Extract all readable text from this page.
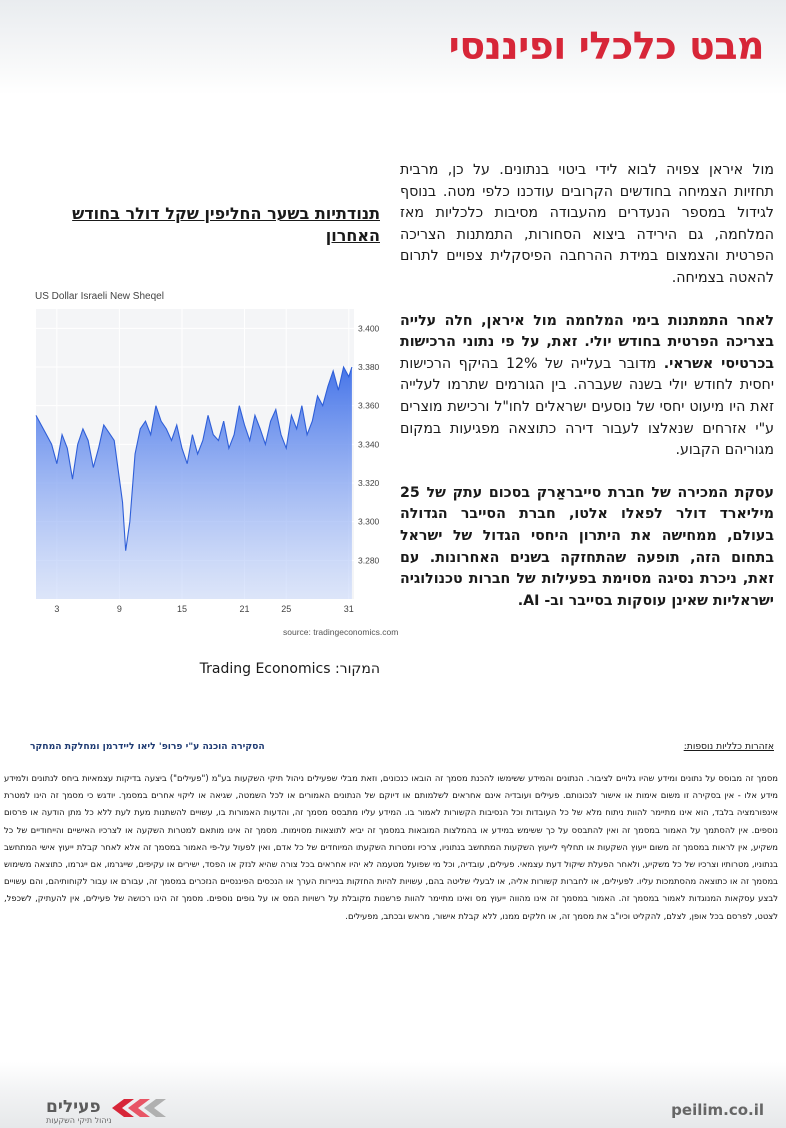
מבט כלכלי ופיננסי

מול איראן צפויה לבוא לידי ביטוי בנתונים. על כן, מרבית תחזיות הצמיחה בחודשים הקרובים עודכנו כלפי מטה. בנוסף לגידול במספר הנעדרים מהעבודה מסיבות כלכליות מאז המלחמה, גם הירידה ביצוא הסחורות, התמתנות הצריכה הפרטית והצמצום במידת ההרחבה הפיסקלית צפויים לתרום להאטה בצמיחה.

לאחר התמתנות בימי המלחמה מול איראן, חלה עלייה בצריכה הפרטית בחודש יולי. זאת, על פי נתוני הרכישות בכרטיסי אשראי. מדובר בעלייה של 12% בהיקף הרכישות יחסית לחודש יולי בשנה שעברה. בין הגורמים שתרמו לעלייה זאת היו מיעוט יחסי של נוסעים ישראלים לחו"ל ורכישת מוצרים ע"י אזרחים שנאלצו לעבור דירה כתוצאה מפגיעות במקום מגוריהם הקבוע.

עסקת המכירה של חברת סייבראַרק בסכום עתק של 25 מיליארד דולר לפאלו אלטו, חברת הסייבר הגדולה בעולם, ממחישה את היתרון היחסי הגדול של ישראל בתחום הזה, תופעה שהתחזקה בשנים האחרונות. עם זאת, ניכרת נסיגה מסוימת בפעילות של חברות טכנולוגיה ישראליות שאינן עוסקות בסייבר וב- AI.

תנודתיות בשער החליפין שקל דולר בחודש האחרון
US Dollar Israeli New Sheqel
3.280
3.300
3.320
3.340
3.360
3.380
3.400
3	9	15	21	25	31
source: tradingeconomics.com
המקור: Trading Economics
הסקירה הוכנה ע"י פרופ' ליאו ליידרמן ומחלקת המחקר	אזהרות כלליות נוספות:
מסמך זה מבוסס על נתונים ומידע שהיו גלויים לציבור. הנתונים והמידע ששימשו להכנת מסמך זה הובאו כנכונים, וזאת מבלי שפעילים ניהול תיקי השקעות בע"מ ("פעילים") ביצעה בדיקות עצמאיות ביחס לנתונים ולמידע מידע אלו - אין בסקירה זו משום אימות או אישור לנכונותם. פעילים ועובדיה אינם אחראים לשלמותם או דיוקם של הנתונים האמורים או לכל השמטה, שגיאה או ליקוי אחרים במסמך. יודגש כי מסמך זה הינו למטרת אינפורמציה בלבד, הוא אינו מתיימר להוות ניתוח מלא של כל העובדות וכל הנסיבות הקשורות לאמור בו. המידע עליו מתבסס מסמך זה, והדעות האמורות בו, עשויים להשתנות מעת לעת ללא כל מתן הודעה או פרסום נוספים. אין להסתמך על האמור במסמך זה ואין להתבסס על כך ששימש במידע או בהמלצות המובאות במסמך זה יביא לתוצאות מסוימות. מסמך זה אינו מותאם למטרות השקעה או לצרכיו האישיים והייחודיים של כל משקיע, אין לראות במסמך זה משום ייעוץ השקעות או תחליף לייעוץ השקעות המתחשב בנתוניו, צרכיו ומטרות השקעתו המיוחדים של כל אדם, ואין לפעול על-פי האמור במסמך זה אלא לאחר קבלת ייעוץ אישי המתחשב בנתוניו, מטרותיו וצרכיו של כל משקיע, ולאחר הפעלת שיקול דעת עצמאי. פעילים, עובדיה, וכל מי שפועל מטעמה לא יהיו אחראים בכל צורה שהיא לנזק או הפסד, ישירים או עקיפים, שייגרמו, אם ייגרמו, כתוצאה משימוש במסמך זה או כתוצאה מהסתמכות עליו. לפעילים, או לחברות קשורות אליה, או לבעלי שליטה בהם, עשויות להיות החזקות בניירות הערך או הנכסים הפיננסיים הנזכרים במסמך זה, עבורם או עבור לקוחותיהם, והם עשויים לבצע עסקאות המנוגדות לאמור במסמך זה. האמור במסמך זה אינו מהווה ייעוץ מס ואינו מתיימר להוות פרשנות מקובלת על רשויות המס או על גופים נוספים. מסמך זה הינו רכושה של פעילים, אין להעתיק, לשכפל, לצטט, לפרסם בכל אופן, לצלם, להקליט וכיו"ב את מסמך זה, או חלקים ממנו, ללא קבלת אישור, מראש ובכתב, מפעילים.
פעילים
ניהול תיקי השקעות
peilim.co.il
